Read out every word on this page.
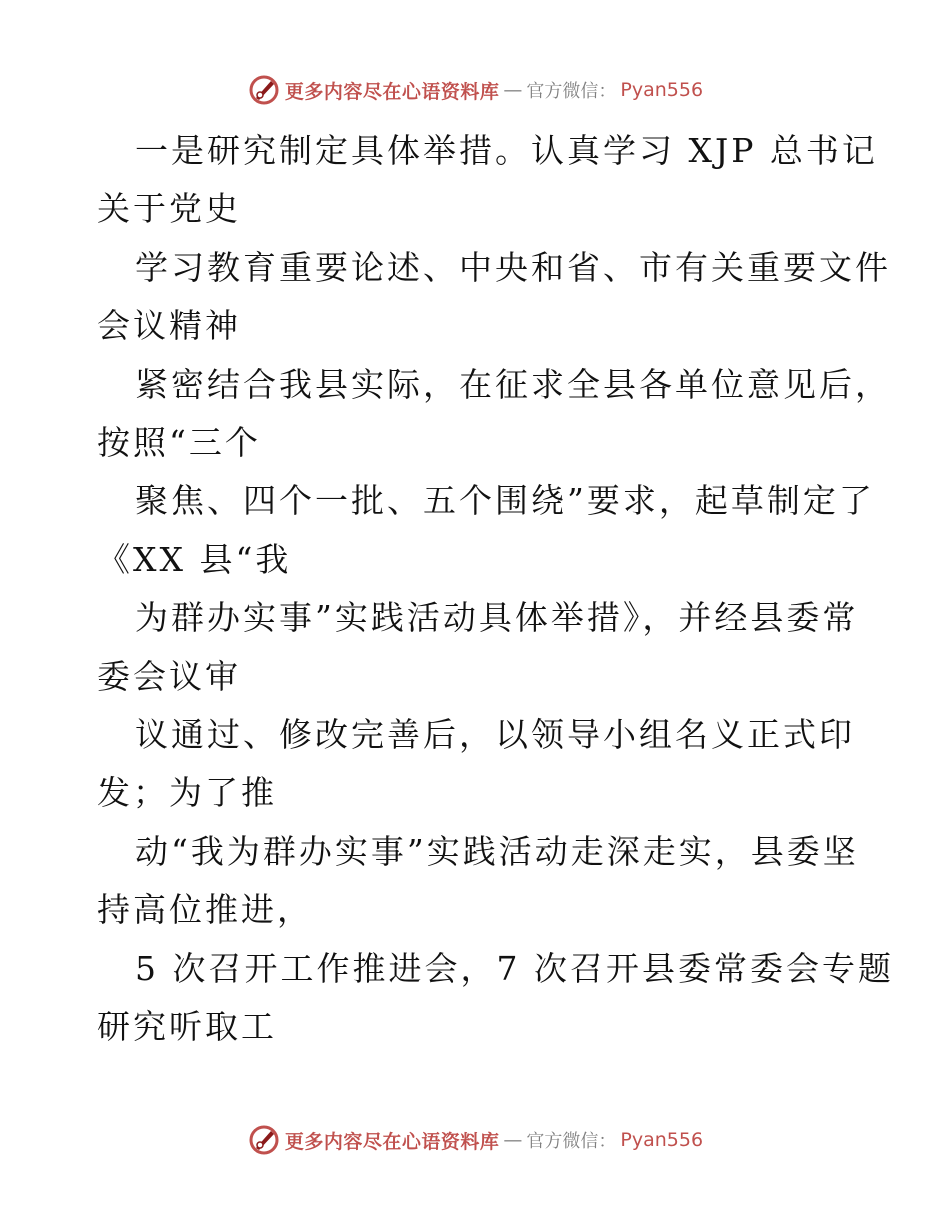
更多内容尽在心语资料库 — 官方微信： Pyan556

一是研究制定具体举措。认真学习 XJP 总书记

关于党史

学习教育重要论述、中央和省、市有关重要文件

会议精神

紧密结合我县实际，在征求全县各单位意见后，

按照“三个

聚焦、四个一批、五个围绕”要求，起草制定了

《XX 县“我

为群办实事”实践活动具体举措》，并经县委常

委会议审

议通过、修改完善后，以领导小组名义正式印

发；为了推

动“我为群办实事”实践活动走深走实，县委坚

持高位推进，

5 次召开工作推进会，7 次召开县委常委会专题

研究听取工

更多内容尽在心语资料库 — 官方微信： Pyan556
